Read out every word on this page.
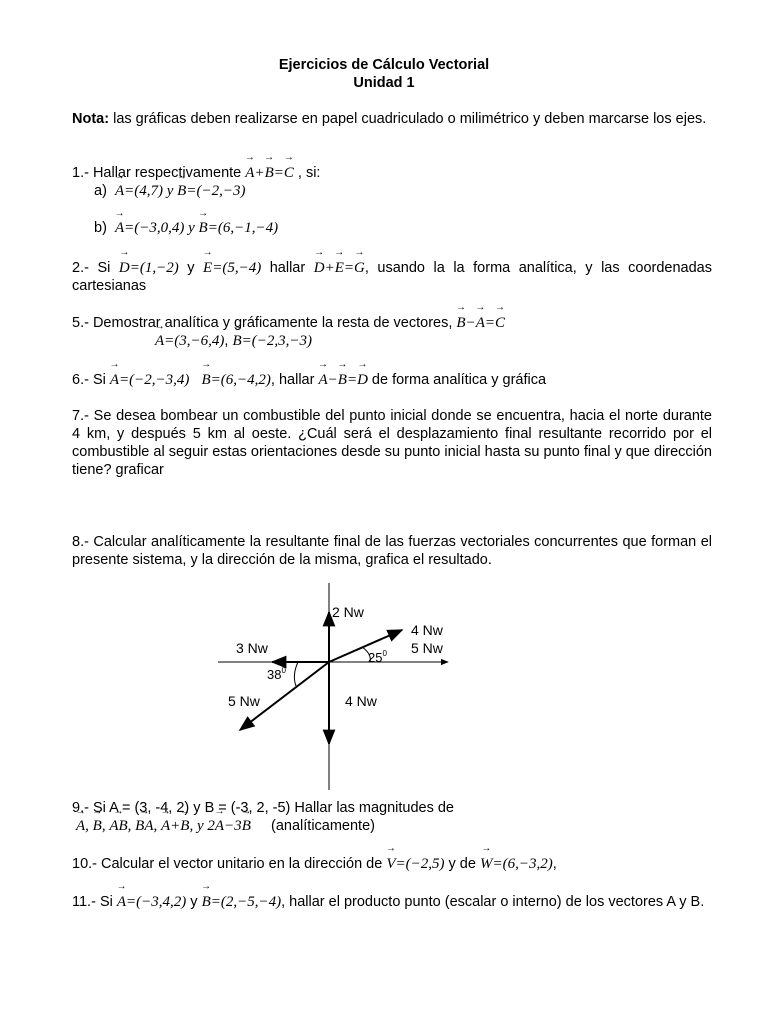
Ejercicios de Cálculo Vectorial
Unidad 1
Nota: las gráficas deben realizarse en papel cuadriculado o milimétrico y deben marcarse los ejes.
1.- Hallar respectivamente → A+→ B=→ C , si:
a) → A=(4,7) y → B=(−2,−3)
b) → A=(−3,0,4) y → B=(6,−1,−4)
2.- Si → D=(1,−2) y → E=(5,−4) hallar → D+→ E=→ G, usando la la forma analítica, y las coordenadas cartesianas
5.- Demostrar analítica y gráficamente la resta de vectores, → B−→ A=→ C
→ A=(3,−6,4), → B=(−2,3,−3)
6.- Si → A=(−2,−3,4) → B=(6,−4,2), hallar → A−→ B=→ D de forma analítica y gráfica
7.- Se desea bombear un combustible del punto inicial donde se encuentra, hacia el norte durante 4 km, y después 5 km al oeste. ¿Cuál será el desplazamiento final resultante recorrido por el combustible al seguir estas orientaciones desde su punto inicial hasta su punto final y que dirección tiene? graficar
8.- Calcular analíticamente la resultante final de las fuerzas vectoriales concurrentes que forman el presente sistema, y la dirección de la misma, grafica el resultado.
2 Nw
4 Nw
5 Nw
3 Nw
5 Nw	4 Nw
$25^0$
$38^0$
9.- Si A = (3, -4, 2) y B = (-3, 2, -5) Hallar las magnitudes de
→ A, → B, → AB, → BA, → A+→ B, y 2→ A−3→ B (analíticamente)
10.- Calcular el vector unitario en la dirección de → V=(−2,5) y de → W=(6,−3,2),
11.- Si → A=(−3,4,2) y → B=(2,−5,−4), hallar el producto punto (escalar o interno) de los vectores A y B.
